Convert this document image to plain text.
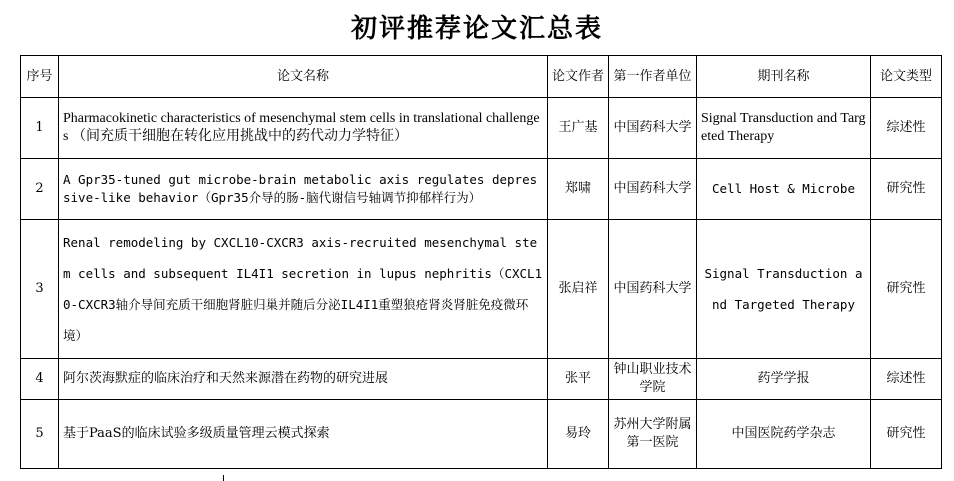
初评推荐论文汇总表
序号	论文名称	论文作者	第一作者单位	期刊名称	论文类型
1	Pharmacokinetic characteristics of mesenchymal stem cells in translational challenges （间充质干细胞在转化应用挑战中的药代动力学特征）	王广基	中国药科大学	Signal Transduction and Targeted Therapy	综述性
2	A Gpr35-tuned gut microbe-brain metabolic axis regulates depressive-like behavior（Gpr35介导的肠-脑代谢信号轴调节抑郁样行为）	郑啸	中国药科大学	Cell Host & Microbe	研究性
3	Renal remodeling by CXCL10-CXCR3 axis-recruited mesenchymal stem cells and subsequent IL4I1 secretion in lupus nephritis（CXCL10-CXCR3轴介导间充质干细胞肾脏归巢并随后分泌IL4I1重塑狼疮肾炎肾脏免疫微环境）	张启祥	中国药科大学	Signal Transduction and Targeted Therapy	研究性
4	阿尔茨海默症的临床治疗和天然来源潜在药物的研究进展	张平	钟山职业技术学院	药学学报	综述性
5	基于PaaS的临床试验多级质量管理云模式探索	易玲	苏州大学附属第一医院	中国医院药学杂志	研究性
